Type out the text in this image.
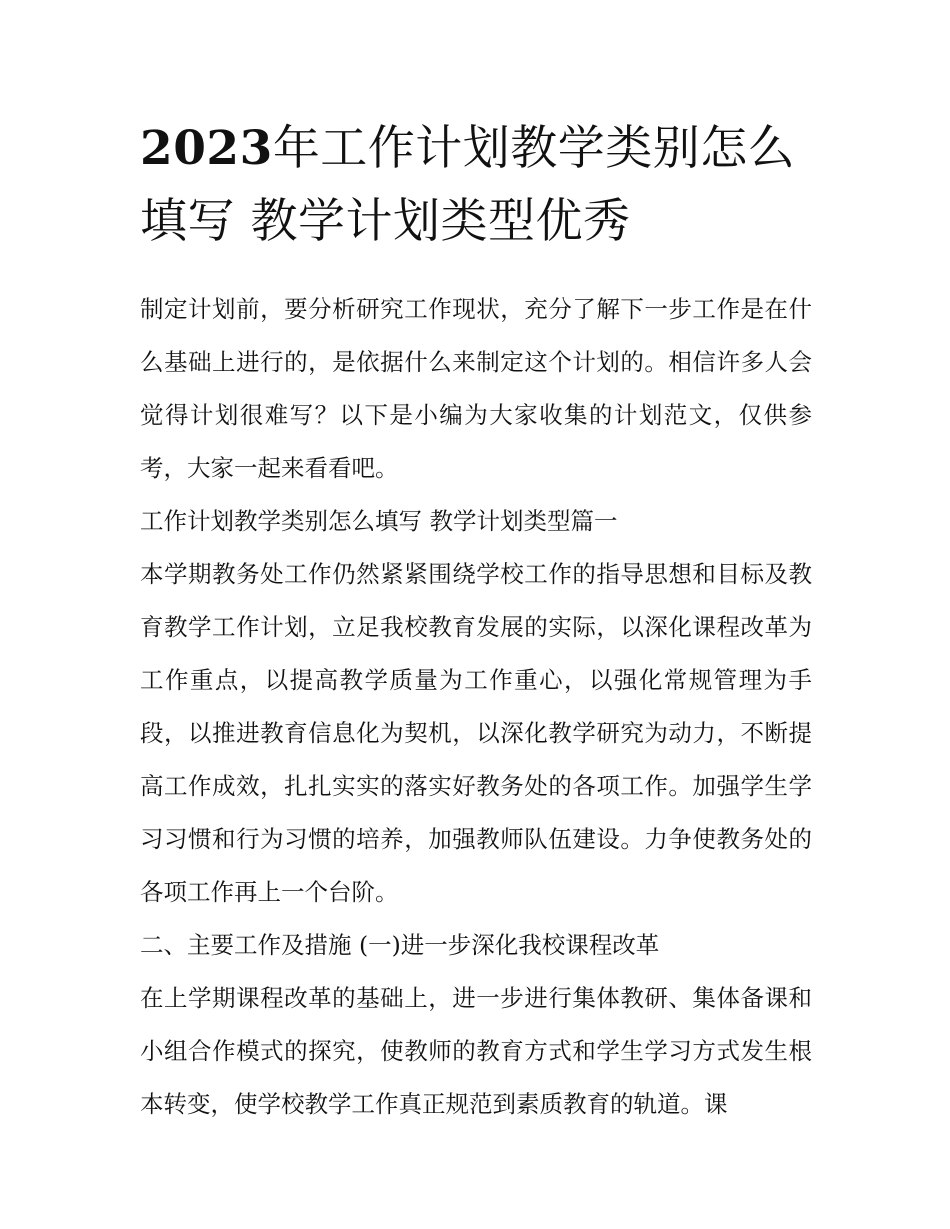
2023年工作计划教学类别怎么
填写 教学计划类型优秀

制定计划前，要分析研究工作现状，充分了解下一步工作是在什么基础上进行的，是依据什么来制定这个计划的。相信许多人会觉得计划很难写？以下是小编为大家收集的计划范文，仅供参考，大家一起来看看吧。

工作计划教学类别怎么填写 教学计划类型篇一

本学期教务处工作仍然紧紧围绕学校工作的指导思想和目标及教育教学工作计划，立足我校教育发展的实际，以深化课程改革为工作重点，以提高教学质量为工作重心，以强化常规管理为手段，以推进教育信息化为契机，以深化教学研究为动力，不断提高工作成效，扎扎实实的落实好教务处的各项工作。加强学生学习习惯和行为习惯的培养，加强教师队伍建设。力争使教务处的各项工作再上一个台阶。

二、主要工作及措施 (一)进一步深化我校课程改革

在上学期课程改革的基础上，进一步进行集体教研、集体备课和小组合作模式的探究，使教师的教育方式和学生学习方式发生根本转变，使学校教学工作真正规范到素质教育的轨道。课
